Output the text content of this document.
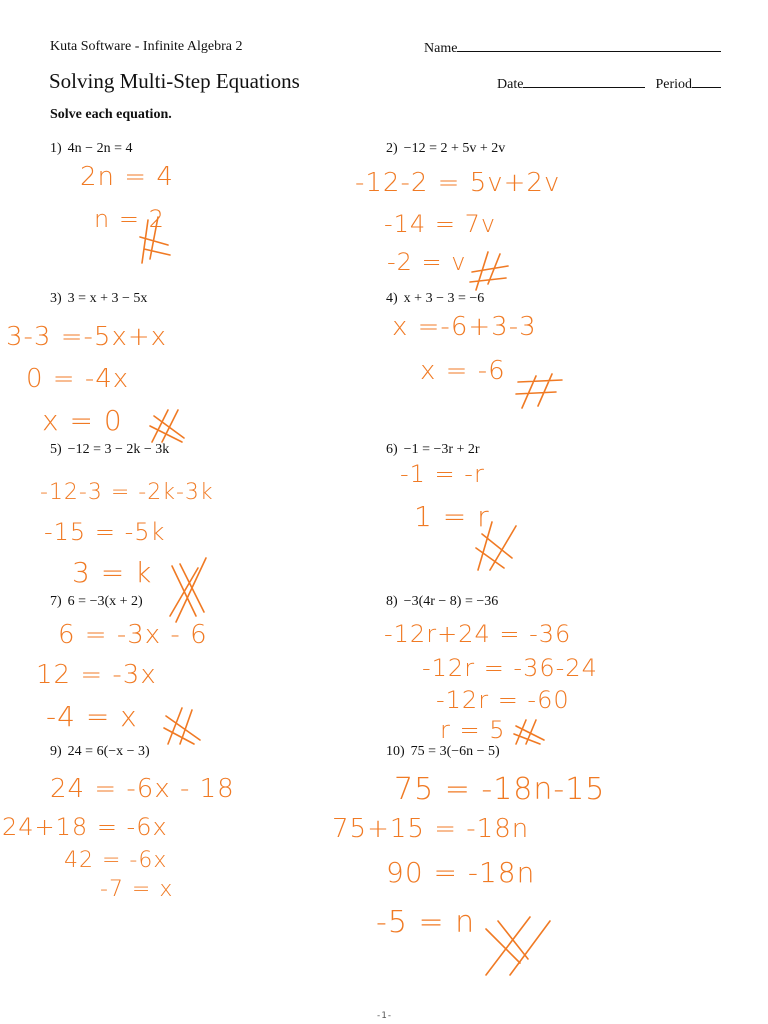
Kuta Software - Infinite Algebra 2	Name
Solving Multi-Step Equations	Date	Period
Solve each equation.
1) 4n − 2n = 4	2) −12 = 2 + 5v + 2v
3) 3 = x + 3 − 5x	4) x + 3 − 3 = −6
5) −12 = 3 − 2k − 3k	6) −1 = −3r + 2r
7) 6 = −3(x + 2)	8) −3(4r − 8) = −36
9) 24 = 6(−x − 3)	10) 75 = 3(−6n − 5)
2n = 4
n = 2
-12-2 = 5v+2v
-14 = 7v
-2 = v
3-3 =-5x+x
0 = -4x
x = 0
x =-6+3-3
x = -6
-12-3 = -2k-3k
-15 = -5k
3 = k
-1 = -r
1 = r
6 = -3x - 6
12 = -3x
-4 = x
-12r+24 = -36
-12r = -36-24
-12r = -60
r = 5
24 = -6x - 18
24+18 = -6x
42 = -6x
-7 = x
75 = -18n-15
75+15 = -18n
90 = -18n
-5 = n
-1-
